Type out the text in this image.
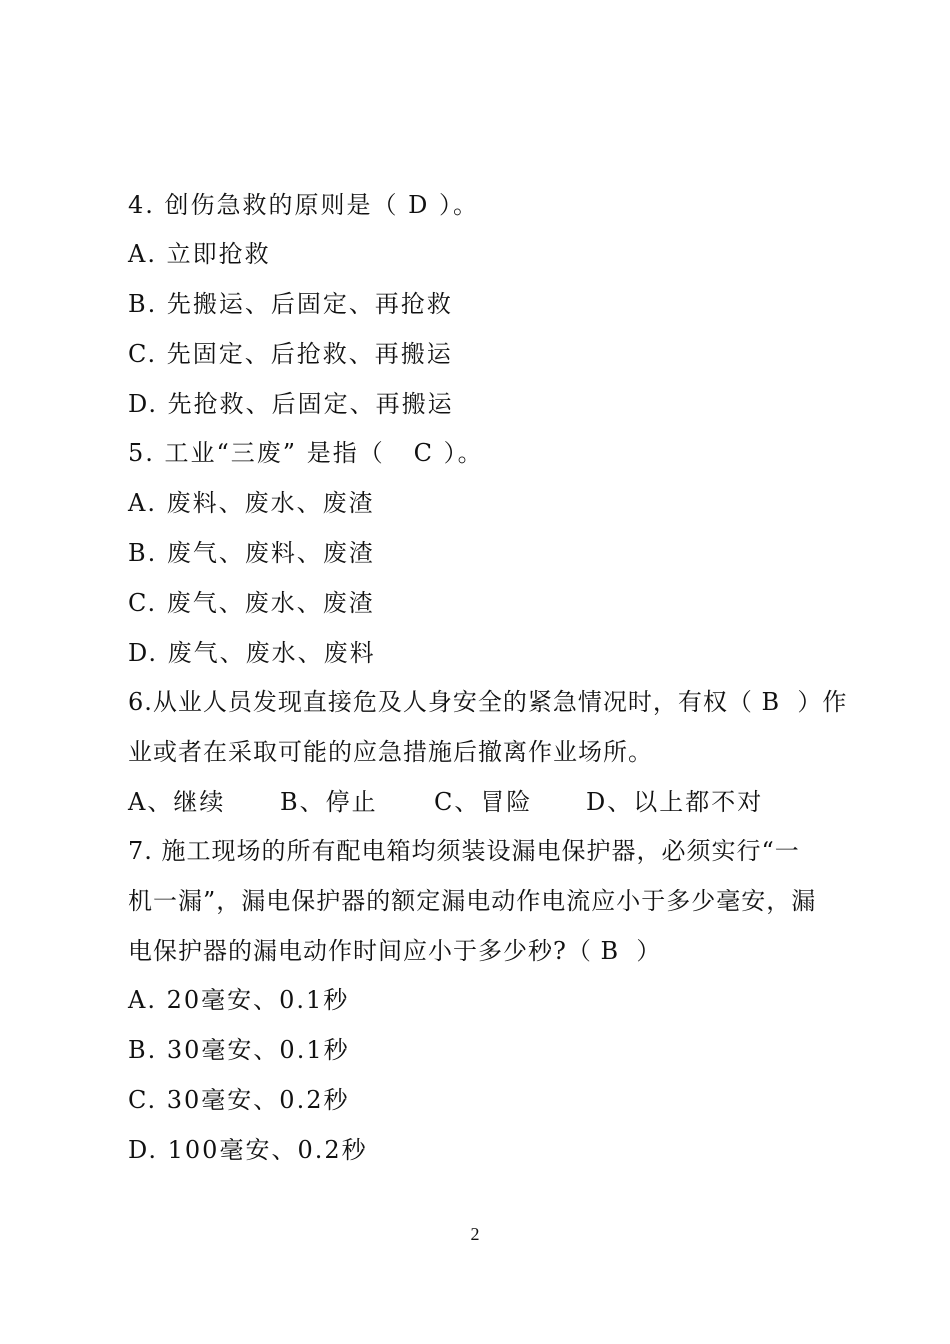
4. 创伤急救的原则是（ D ）。
A. 立即抢救
B. 先搬运、后固定、再抢救
C. 先固定、后抢救、再搬运
D. 先抢救、后固定、再搬运
5. 工业“三废” 是指（   C ）。
A. 废料、废水、废渣
B. 废气、废料、废渣
C. 废气、废水、废渣
D. 废气、废水、废料
6.从业人员发现直接危及人身安全的紧急情况时，有权（ B  ）作
业或者在采取可能的应急措施后撤离作业场所。

A、继续

B、停止

C、冒险

D、以上都不对

7. 施工现场的所有配电箱均须装设漏电保护器，必须实行“一
机一漏”，漏电保护器的额定漏电动作电流应小于多少毫安，漏
电保护器的漏电动作时间应小于多少秒?（ B  ）
A. 20毫安、0.1秒
B. 30毫安、0.1秒
C. 30毫安、0.2秒
D. 100毫安、0.2秒
2
